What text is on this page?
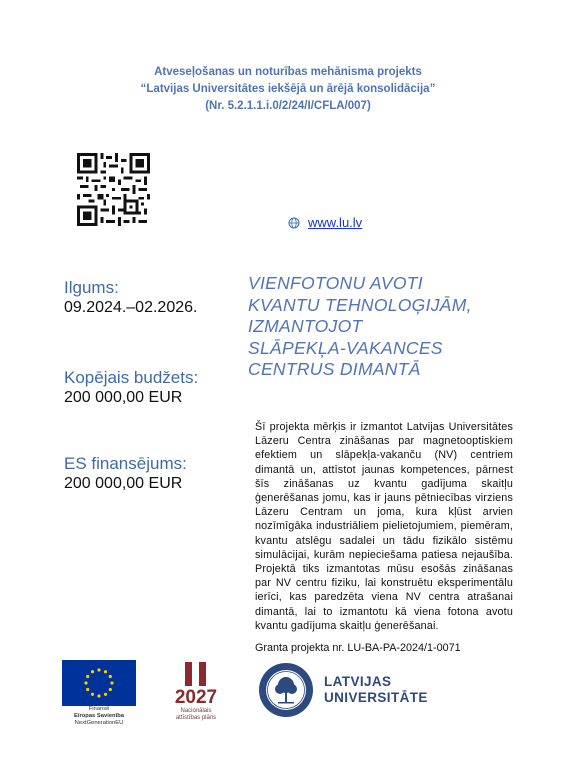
Atveseļošanas un noturības mehānisma projekts
“Latvijas Universitātes iekšējā un ārējā konsolidācija”
(Nr. 5.2.1.1.i.0/2/24/I/CFLA/007)
www.lu.lv
Ilgums:
09.2024.–02.2026.
Kopējais budžets:
200 000,00 EUR
ES finansējums:
200 000,00 EUR
VIENFOTONU AVOTI
KVANTU TEHNOLOĢIJĀM,
IZMANTOJOT
SLĀPEKĻA-VAKANCES
CENTRUS DIMANTĀ
Šī projekta mērķis ir izmantot Latvijas Universitātes Lāzeru Centra zināšanas par magnetooptiskiem efektiem un slāpekļa-vakanču (NV) centriem dimantā un, attīstot jaunas kompetences, pārnest šīs zināšanas uz kvantu gadījuma skaitļu ģenerēšanas jomu, kas ir jauns pētniecības virziens Lāzeru Centram un joma, kura kļūst arvien nozīmīgāka industriāliem pielietojumiem, piemēram, kvantu atslēgu sadalei un tādu fizikālo sistēmu simulācijai, kurām nepieciešama patiesa nejaušība. Projektā tiks izmantotas mūsu esošās zināšanas par NV centru fiziku, lai konstruētu eksperimentālu ierīci, kas paredzēta viena NV centra atrašanai dimantā, lai to izmantotu kā viena fotona avotu kvantu gadījuma skaitļu ģenerēšanai.
Granta projekta nr. LU-BA-PA-2024/1-0071
Finansē
Eiropas Savienība
NextGenerationEU
2027
Nacionālais
attīstības plāns
LATVIJAS
UNIVERSITĀTE
